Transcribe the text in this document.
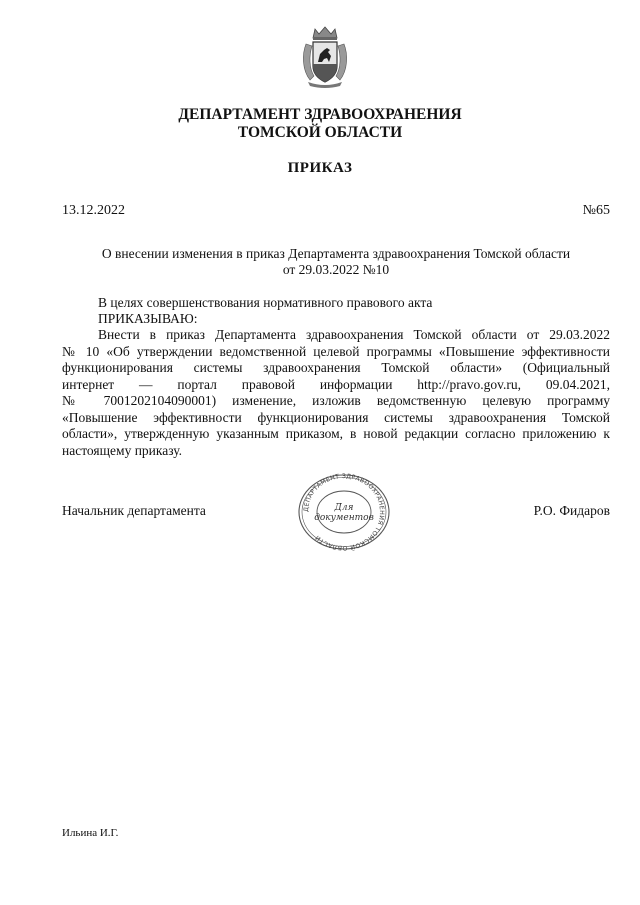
ДЕПАРТАМЕНТ ЗДРАВООХРАНЕНИЯ
ТОМСКОЙ ОБЛАСТИ
ПРИКАЗ
13.12.2022	№65
О внесении изменения в приказ Департамента здравоохранения Томской области
от 29.03.2022 №10
В целях совершенствования нормативного правового акта
ПРИКАЗЫВАЮ:
Внести в приказ Департамента здравоохранения Томской области от 29.03.2022
№ 10 «Об утверждении ведомственной целевой программы «Повышение эффективности
функционирования системы здравоохранения Томской области» (Официальный
интернет — портал правовой информации http://pravo.gov.ru, 09.04.2021,
№ 7001202104090001) изменение, изложив ведомственную целевую программу
«Повышение эффективности функционирования системы здравоохранения Томской
области», утвержденную указанным приказом, в новой редакции согласно приложению к
настоящему приказу.
Начальник департамента	Р.О. Фидаров
ДЕПАРТАМЕНТ ЗДРАВООХРАНЕНИЯ ТОМСКОЙ ОБЛАСТИ
Для
документов
Ильина И.Г.
